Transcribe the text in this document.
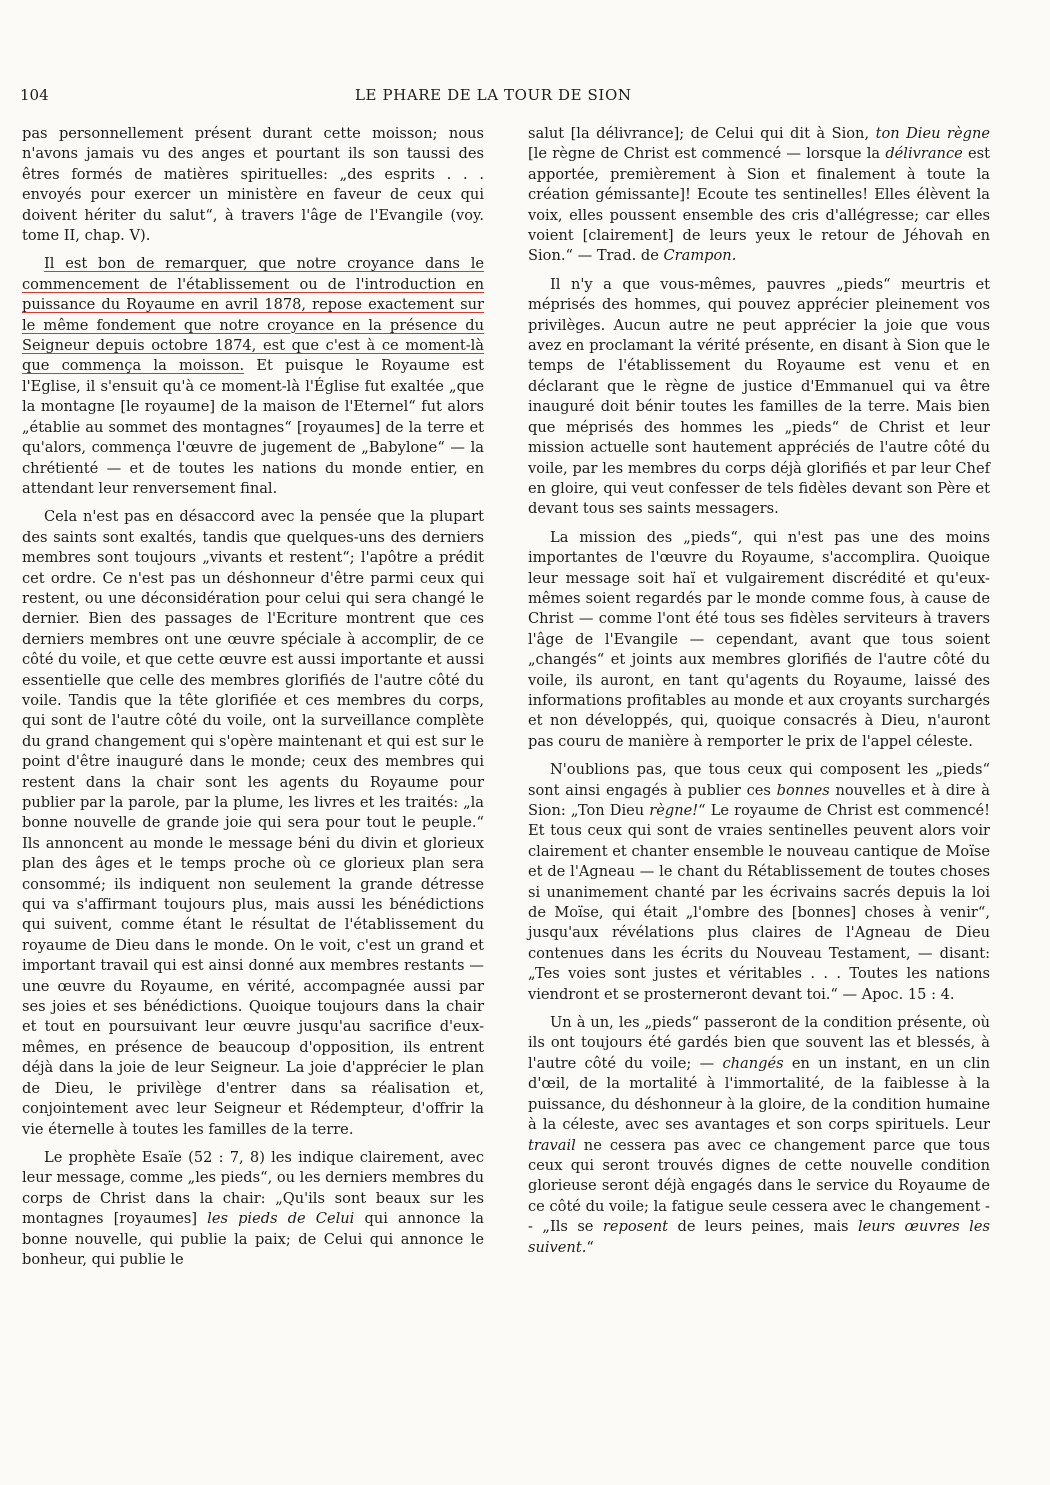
104	LE PHARE DE LA TOUR DE SION

pas personnellement présent durant cette moisson; nous n'avons jamais vu des anges et pourtant ils son taussi des êtres formés de matières spirituelles: „des esprits . . . envoyés pour exercer un ministère en faveur de ceux qui doivent hériter du salut“, à travers l'âge de l'Evangile (voy. tome II, chap. V).

Il est bon de remarquer, que notre croyance dans le commencement de l'établissement ou de l'introduction en puissance du Royaume en avril 1878, repose exactement sur le même fondement que notre croyance en la présence du Seigneur depuis octobre 1874, est que c'est à ce moment-là que commença la moisson. Et puisque le Royaume est l'Eglise, il s'ensuit qu'à ce moment-là l'Église fut exaltée „que la montagne [le royaume] de la maison de l'Eternel“ fut alors „établie au sommet des montagnes“ [royaumes] de la terre et qu'alors, commença l'œuvre de jugement de „Babylone“ — la chrétienté — et de toutes les nations du monde entier, en attendant leur renversement final.

Cela n'est pas en désaccord avec la pensée que la plupart des saints sont exaltés, tandis que quelques-uns des derniers membres sont toujours „vivants et restent“; l'apôtre a prédit cet ordre. Ce n'est pas un déshonneur d'être parmi ceux qui restent, ou une déconsidération pour celui qui sera changé le dernier. Bien des passages de l'Ecriture montrent que ces derniers membres ont une œuvre spéciale à accomplir, de ce côté du voile, et que cette œuvre est aussi importante et aussi essentielle que celle des membres glorifiés de l'autre côté du voile. Tandis que la tête glorifiée et ces membres du corps, qui sont de l'autre côté du voile, ont la surveillance complète du grand changement qui s'opère maintenant et qui est sur le point d'être inauguré dans le monde; ceux des membres qui restent dans la chair sont les agents du Royaume pour publier par la parole, par la plume, les livres et les traités: „la bonne nouvelle de grande joie qui sera pour tout le peuple.“ Ils annoncent au monde le message béni du divin et glorieux plan des âges et le temps proche où ce glorieux plan sera consommé; ils indiquent non seulement la grande détresse qui va s'affirmant toujours plus, mais aussi les bénédictions qui suivent, comme étant le résultat de l'établissement du royaume de Dieu dans le monde. On le voit, c'est un grand et important travail qui est ainsi donné aux membres restants — une œuvre du Royaume, en vérité, accompagnée aussi par ses joies et ses bénédictions. Quoique toujours dans la chair et tout en poursuivant leur œuvre jusqu'au sacrifice d'eux-mêmes, en présence de beaucoup d'opposition, ils entrent déjà dans la joie de leur Seigneur. La joie d'apprécier le plan de Dieu, le privilège d'entrer dans sa réalisation et, conjointement avec leur Seigneur et Rédempteur, d'offrir la vie éternelle à toutes les familles de la terre.

Le prophète Esaïe (52 : 7, 8) les indique clairement, avec leur message, comme „les pieds“, ou les derniers membres du corps de Christ dans la chair: „Qu'ils sont beaux sur les montagnes [royaumes] les pieds de Celui qui annonce la bonne nouvelle, qui publie la paix; de Celui qui annonce le bonheur, qui publie le

salut [la délivrance]; de Celui qui dit à Sion, ton Dieu règne [le règne de Christ est commencé — lorsque la délivrance est apportée, premièrement à Sion et finalement à toute la création gémissante]! Ecoute tes sentinelles! Elles élèvent la voix, elles poussent ensemble des cris d'allégresse; car elles voient [clairement] de leurs yeux le retour de Jéhovah en Sion.“ — Trad. de Crampon.

Il n'y a que vous-mêmes, pauvres „pieds“ meurtris et méprisés des hommes, qui pouvez apprécier pleinement vos privilèges. Aucun autre ne peut apprécier la joie que vous avez en proclamant la vérité présente, en disant à Sion que le temps de l'établissement du Royaume est venu et en déclarant que le règne de justice d'Emmanuel qui va être inauguré doit bénir toutes les familles de la terre. Mais bien que méprisés des hommes les „pieds“ de Christ et leur mission actuelle sont hautement appréciés de l'autre côté du voile, par les membres du corps déjà glorifiés et par leur Chef en gloire, qui veut confesser de tels fidèles devant son Père et devant tous ses saints messagers.

La mission des „pieds“, qui n'est pas une des moins importantes de l'œuvre du Royaume, s'accomplira. Quoique leur message soit haï et vulgairement discrédité et qu'eux-mêmes soient regardés par le monde comme fous, à cause de Christ — comme l'ont été tous ses fidèles serviteurs à travers l'âge de l'Evangile — cependant, avant que tous soient „changés“ et joints aux membres glorifiés de l'autre côté du voile, ils auront, en tant qu'agents du Royaume, laissé des informations profitables au monde et aux croyants surchargés et non développés, qui, quoique consacrés à Dieu, n'auront pas couru de manière à remporter le prix de l'appel céleste.

N'oublions pas, que tous ceux qui composent les „pieds“ sont ainsi engagés à publier ces bonnes nouvelles et à dire à Sion: „Ton Dieu règne!“ Le royaume de Christ est commencé! Et tous ceux qui sont de vraies sentinelles peuvent alors voir clairement et chanter ensemble le nouveau cantique de Moïse et de l'Agneau — le chant du Rétablissement de toutes choses si unanimement chanté par les écrivains sacrés depuis la loi de Moïse, qui était „l'ombre des [bonnes] choses à venir“, jusqu'aux révélations plus claires de l'Agneau de Dieu contenues dans les écrits du Nouveau Testament, — disant: „Tes voies sont justes et véritables . . . Toutes les nations viendront et se prosterneront devant toi.“ — Apoc. 15 : 4.

Un à un, les „pieds“ passeront de la condition présente, où ils ont toujours été gardés bien que souvent las et blessés, à l'autre côté du voile; — changés en un instant, en un clin d'œil, de la mortalité à l'immortalité, de la faiblesse à la puissance, du déshonneur à la gloire, de la condition humaine à la céleste, avec ses avantages et son corps spirituels. Leur travail ne cessera pas avec ce changement parce que tous ceux qui seront trouvés dignes de cette nouvelle condition glorieuse seront déjà engagés dans le service du Royaume de ce côté du voile; la fatigue seule cessera avec le changement -- „Ils se reposent de leurs peines, mais leurs œuvres les suivent.“
